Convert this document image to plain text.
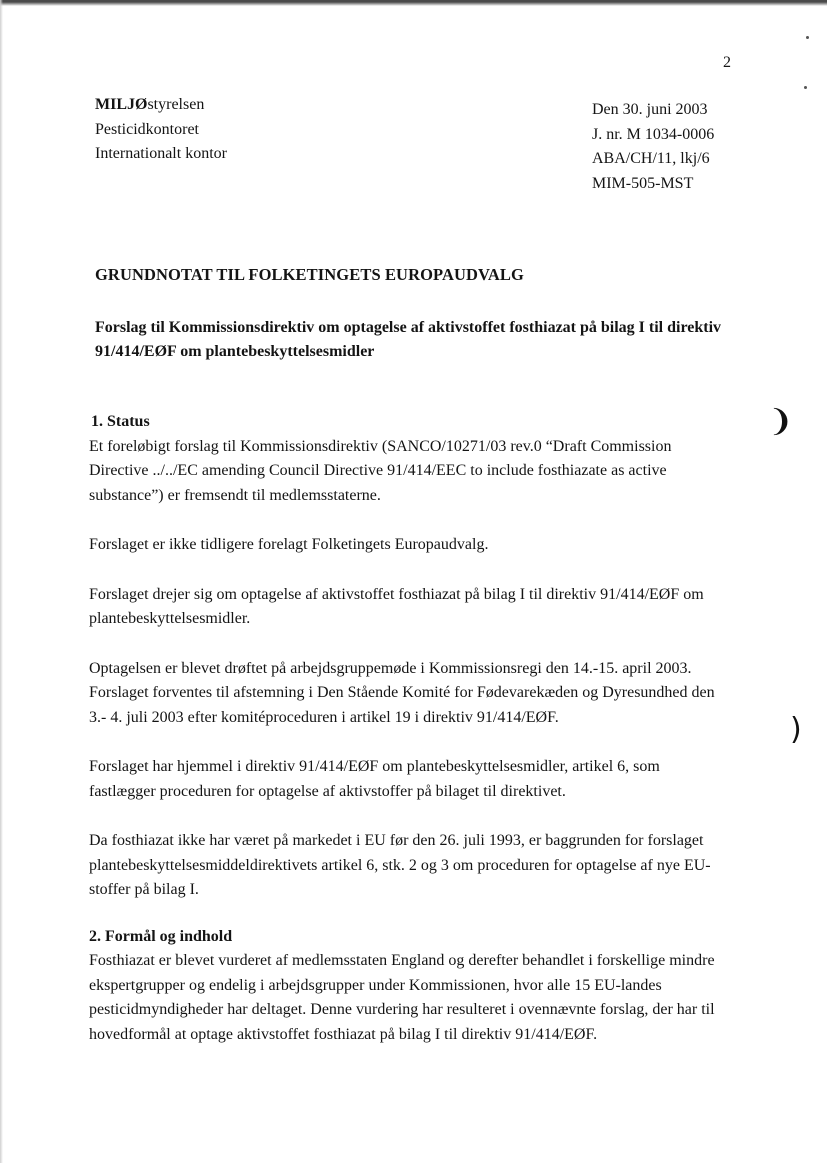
2
MILJØstyrelsen
Pesticidkontoret
Internationalt kontor
Den 30. juni 2003
J. nr. M 1034-0006
ABA/CH/11, lkj/6
MIM-505-MST
GRUNDNOTAT TIL FOLKETINGETS EUROPAUDVALG
Forslag til Kommissionsdirektiv om optagelse af aktivstoffet fosthiazat på bilag I til direktiv 91/414/EØF om plantebeskyttelsesmidler
1. Status

Et foreløbigt forslag til Kommissionsdirektiv (SANCO/10271/03 rev.0 “Draft Commission Directive ../../EC amending Council Directive 91/414/EEC to include fosthiazate as active substance”) er fremsendt til medlemsstaterne.

Forslaget er ikke tidligere forelagt Folketingets Europaudvalg.

Forslaget drejer sig om optagelse af aktivstoffet fosthiazat på bilag I til direktiv 91/414/EØF om plantebeskyttelsesmidler.

Optagelsen er blevet drøftet på arbejdsgruppemøde i Kommissionsregi den 14.-15. april 2003. Forslaget forventes til afstemning i Den Stående Komité for Fødevarekæden og Dyresundhed den 3.- 4. juli 2003 efter komitéproceduren i artikel 19 i direktiv 91/414/EØF.

Forslaget har hjemmel i direktiv 91/414/EØF om plantebeskyttelsesmidler, artikel 6, som fastlægger proceduren for optagelse af aktivstoffer på bilaget til direktivet.

Da fosthiazat ikke har været på markedet i EU før den 26. juli 1993, er baggrunden for forslaget plantebeskyttelsesmiddeldirektivets artikel 6, stk. 2 og 3 om proceduren for optagelse af nye EU-stoffer på bilag I.

2. Formål og indhold

Fosthiazat er blevet vurderet af medlemsstaten England og derefter behandlet i forskellige mindre ekspertgrupper og endelig i arbejdsgrupper under Kommissionen, hvor alle 15 EU-landes pesticidmyndigheder har deltaget. Denne vurdering har resulteret i ovennævnte forslag, der har til hovedformål at optage aktivstoffet fosthiazat på bilag I til direktiv 91/414/EØF.

❩
)
